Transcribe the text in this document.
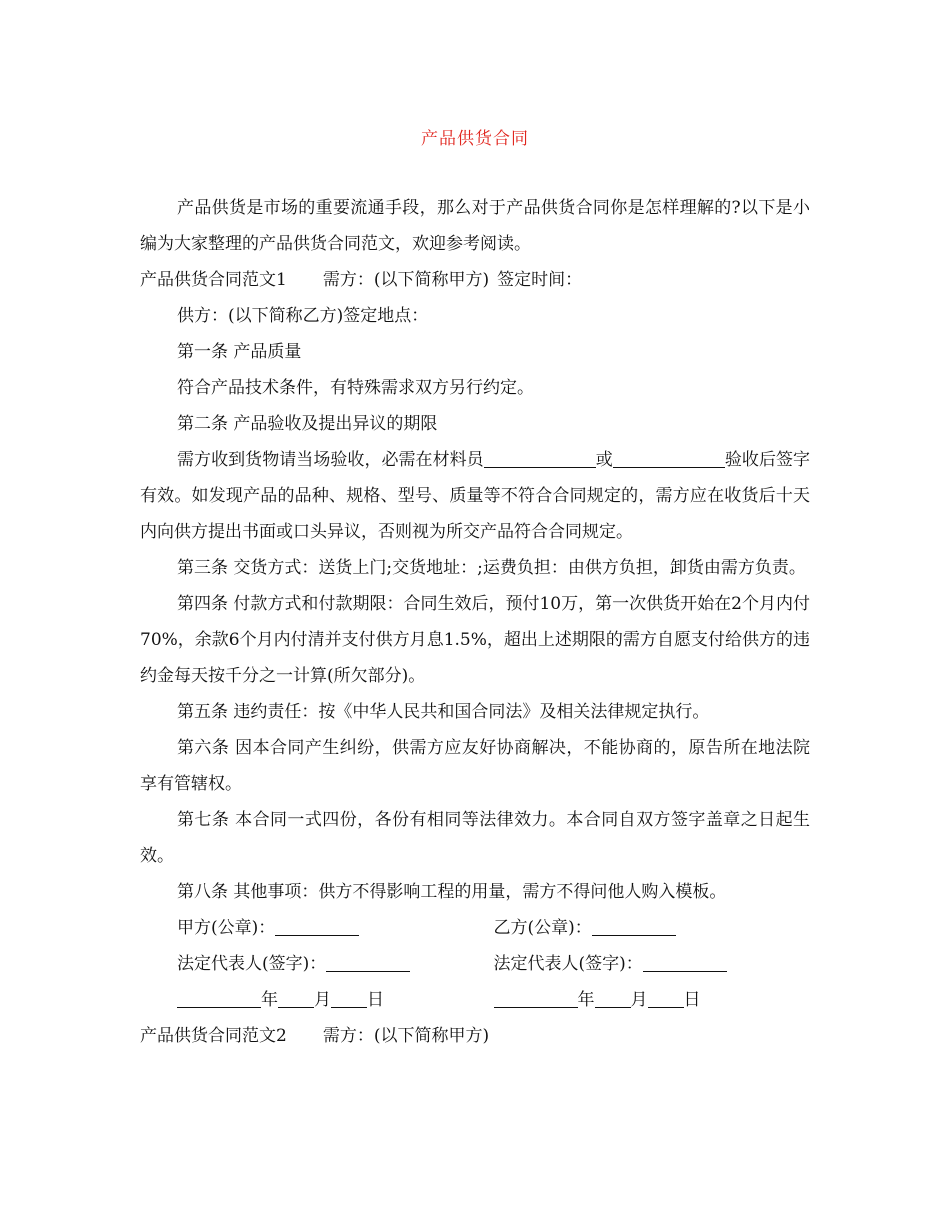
产品供货合同

产品供货是市场的重要流通手段，那么对于产品供货合同你是怎样理解的?以下是小编为大家整理的产品供货合同范文，欢迎参考阅读。

产品供货合同范文1 需方：(以下简称甲方) 签定时间：

供方：(以下简称乙方)签定地点：

第一条 产品质量

符合产品技术条件，有特殊需求双方另行约定。

第二条 产品验收及提出异议的期限

需方收到货物请当场验收，必需在材料员	或	验收后签字有效。如发现产品的品种、规格、型号、质量等不符合合同规定的，需方应在收货后十天内向供方提出书面或口头异议，否则视为所交产品符合合同规定。

第三条 交货方式：送货上门;交货地址：;运费负担：由供方负担，卸货由需方负责。

第四条 付款方式和付款期限：合同生效后，预付10万，第一次供货开始在2个月内付70%，余款6个月内付清并支付供方月息1.5%，超出上述期限的需方自愿支付给供方的违约金每天按千分之一计算(所欠部分)。

第五条 违约责任：按《中华人民共和国合同法》及相关法律规定执行。

第六条 因本合同产生纠纷，供需方应友好协商解决，不能协商的，原告所在地法院享有管辖权。

第七条 本合同一式四份，各份有相同等法律效力。本合同自双方签字盖章之日起生效。

第八条 其他事项：供方不得影响工程的用量，需方不得问他人购入模板。

甲方(公章)：	乙方(公章)：
法定代表人(签字)：	法定代表人(签字)：
年 月 日	年 月 日
产品供货合同范文2 需方：(以下简称甲方)
